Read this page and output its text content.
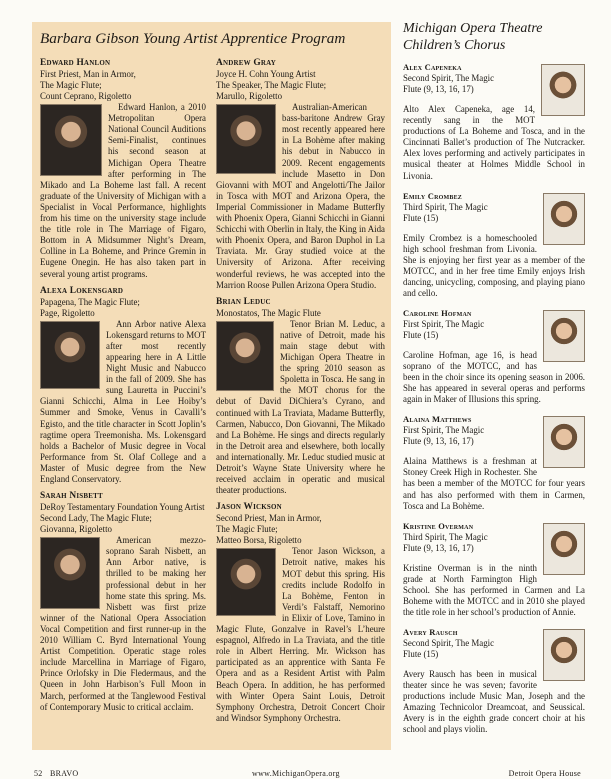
Barbara Gibson Young Artist Apprentice Program
Edward Hanlon
First Priest, Man in Armor,
The Magic Flute;
Count Ceprano, Rigoletto

Edward Hanlon, a 2010 Metropolitan Opera National Council Auditions Semi-Finalist, continues his second season at Michigan Opera Theatre after performing in The Mikado and La Boheme last fall. A recent graduate of the University of Michigan with a Specialist in Vocal Performance, highlights from his time on the university stage include the title role in The Marriage of Figaro, Bottom in A Midsummer Night’s Dream, Colline in La Boheme, and Prince Gremin in Eugene Onegin. He has also taken part in several young artist programs.

Alexa Lokensgard
Papagena, The Magic Flute;
Page, Rigoletto

Ann Arbor native Alexa Lokensgard returns to MOT after most recently appearing here in A Little Night Music and Nabucco in the fall of 2009. She has sung Lauretta in Puccini’s Gianni Schicchi, Alma in Lee Hoiby’s Summer and Smoke, Venus in Cavalli’s Egisto, and the title character in Scott Joplin’s ragtime opera Treemonisha. Ms. Lokensgard holds a Bachelor of Music degree in Vocal Performance from St. Olaf College and a Master of Music degree from the New England Conservatory.

Sarah Nisbett
DeRoy Testamentary Foundation Young Artist
Second Lady, The Magic Flute;
Giovanna, Rigoletto

American mezzo-soprano Sarah Nisbett, an Ann Arbor native, is thrilled to be making her professional debut in her home state this spring. Ms. Nisbett was first prize winner of the National Opera Association Vocal Competition and first runner-up in the 2010 William C. Byrd International Young Artist Competition. Operatic stage roles include Marcellina in Marriage of Figaro, Prince Orlofsky in Die Fledermaus, and the Queen in John Harbison’s Full Moon in March, performed at the Tanglewood Festival of Contemporary Music to critical acclaim.

Andrew Gray
Joyce H. Cohn Young Artist
The Speaker, The Magic Flute;
Marullo, Rigoletto

Australian-American bass-baritone Andrew Gray most recently appeared here in La Bohème after making his debut in Nabucco in 2009. Recent engagements include Masetto in Don Giovanni with MOT and Angelotti/The Jailor in Tosca with MOT and Arizona Opera, the Imperial Commissioner in Madame Butterfly with Phoenix Opera, Gianni Schicchi in Gianni Schicchi with Oberlin in Italy, the King in Aida with Phoenix Opera, and Baron Duphol in La Traviata. Mr. Gray studied voice at the University of Arizona. After receiving wonderful reviews, he was accepted into the Marrion Roose Pullen Arizona Opera Studio.

Brian Leduc
Monostatos, The Magic Flute

Tenor Brian M. Leduc, a native of Detroit, made his main stage debut with Michigan Opera Theatre in the spring 2010 season as Spoletta in Tosca. He sang in the MOT chorus for the debut of David DiChiera’s Cyrano, and continued with La Traviata, Madame Butterfly, Carmen, Nabucco, Don Giovanni, The Mikado and La Bohème. He sings and directs regularly in the Detroit area and elsewhere, both locally and internationally. Mr. Leduc studied music at Detroit’s Wayne State University where he received acclaim in operatic and musical theater productions.

Jason Wickson
Second Priest, Man in Armor,
The Magic Flute;
Matteo Borsa, Rigoletto

Tenor Jason Wickson, a Detroit native, makes his MOT debut this spring. His credits include Rodolfo in La Bohème, Fenton in Verdi’s Falstaff, Nemorino in Elixir of Love, Tamino in Magic Flute, Gonzalve in Ravel’s L’heure espagnol, Alfredo in La Traviata, and the title role in Albert Herring. Mr. Wickson has participated as an apprentice with Santa Fe Opera and as a Resident Artist with Palm Beach Opera. In addition, he has performed with Winter Opera Saint Louis, Detroit Symphony Orchestra, Detroit Concert Choir and Windsor Symphony Orchestra.

Michigan Opera Theatre Children’s Chorus
Alex Capeneka
Second Spirit, The Magic
Flute (9, 13, 16, 17)

Alto Alex Capeneka, age 14, recently sang in the MOT productions of La Boheme and Tosca, and in the Cincinnati Ballet’s production of The Nutcracker. Alex loves performing and actively participates in musical theater at Holmes Middle School in Livonia.

Emily Crombez
Third Spirit, The Magic
Flute (15)

Emily Crombez is a homeschooled high school freshman from Livonia. She is enjoying her first year as a member of the MOTCC, and in her free time Emily enjoys Irish dancing, unicycling, composing, and playing piano and cello.

Caroline Hofman
First Spirit, The Magic
Flute (15)

Caroline Hofman, age 16, is head soprano of the MOTCC, and has been in the choir since its opening season in 2006. She has appeared in several operas and performs again in Maker of Illusions this spring.

Alaina Matthews
First Spirit, The Magic
Flute (9, 13, 16, 17)

Alaina Matthews is a freshman at Stoney Creek High in Rochester. She has been a member of the MOTCC for four years and has also performed with them in Carmen, Tosca and La Bohème.

Kristine Overman
Third Spirit, The Magic
Flute (9, 13, 16, 17)

Kristine Overman is in the ninth grade at North Farmington High School. She has performed in Carmen and La Boheme with the MOTCC and in 2010 she played the title role in her school’s production of Annie.

Avery Rausch
Second Spirit, The Magic
Flute (15)

Avery Rausch has been in musical theater since he was seven; favorite productions include Music Man, Joseph and the Amazing Technicolor Dreamcoat, and Seussical. Avery is in the eighth grade concert choir at his school and plays violin.

52 BRAVO	www.MichiganOpera.org	Detroit Opera House
